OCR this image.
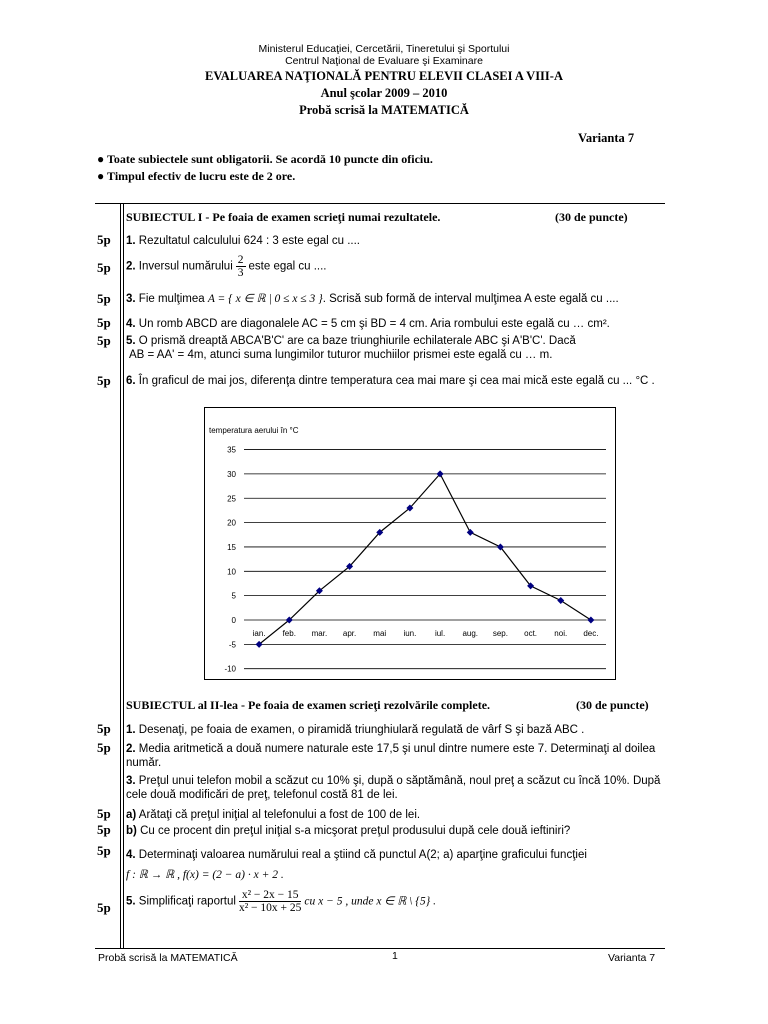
Ministerul Educaţiei, Cercetării, Tineretului şi Sportului
Centrul Naţional de Evaluare şi Examinare
EVALUAREA NAŢIONALĂ PENTRU ELEVII CLASEI A VIII-A
Anul şcolar 2009 – 2010
Probă scrisă la MATEMATICĂ
Varianta 7
● Toate subiectele sunt obligatorii. Se acordă 10 puncte din oficiu.
● Timpul efectiv de lucru este de 2 ore.
SUBIECTUL I - Pe foaia de examen scrieţi numai rezultatele.	(30 de puncte)
5p 1. Rezultatul calculului 624 : 3 este egal cu ....
5p 2. Inversul numărului $\frac{2}{3}$ este egal cu ....
5p 3. Fie mulţimea A = { x ∈ ℝ | 0 ≤ x ≤ 3 }. Scrisă sub formă de interval mulţimea A este egală cu ....
5p 4. Un romb ABCD are diagonalele AC = 5 cm şi BD = 4 cm. Aria rombului este egală cu … cm².
5p 5. O prismă dreaptă ABCA'B'C' are ca baze triunghiurile echilaterale ABC şi A'B'C'. Dacă
AB = AA' = 4m, atunci suma lungimilor tuturor muchiilor prismei este egală cu … m.
5p 6. În graficul de mai jos, diferenţa dintre temperatura cea mai mare şi cea mai mică este egală cu ... °C .
temperatura aerului în °C
35
30
25
20
15
10
5
0
-5
-10
ian. feb. mar. apr. mai iun. iul. aug. sep. oct. noi. dec.
SUBIECTUL al II-lea - Pe foaia de examen scrieţi rezolvările complete.	(30 de puncte)
5p 1. Desenaţi, pe foaia de examen, o piramidă triunghiulară regulată de vârf S şi bază ABC .
5p 2. Media aritmetică a două numere naturale este 17,5 şi unul dintre numere este 7. Determinaţi al doilea număr.
3. Preţul unui telefon mobil a scăzut cu 10% şi, după o săptămână, noul preţ a scăzut cu încă 10%. După cele două modificări de preţ, telefonul costă 81 de lei.
5p a) Arătaţi că preţul iniţial al telefonului a fost de 100 de lei.
5p b) Cu ce procent din preţul iniţial s-a micşorat preţul produsului după cele două ieftiniri?
5p 4. Determinaţi valoarea numărului real a ştiind că punctul A(2; a) aparţine graficului funcţiei
f : ℝ → ℝ , f(x) = (2 − a) · x + 2 .
5p 5. Simplificaţi raportul $\frac{\text{x² − 2x − 15}}{\text{x² − 10x + 25}}$ cu x − 5 , unde x ∈ ℝ \ {5} .
Probă scrisă la MATEMATICĂ	1	Varianta 7
